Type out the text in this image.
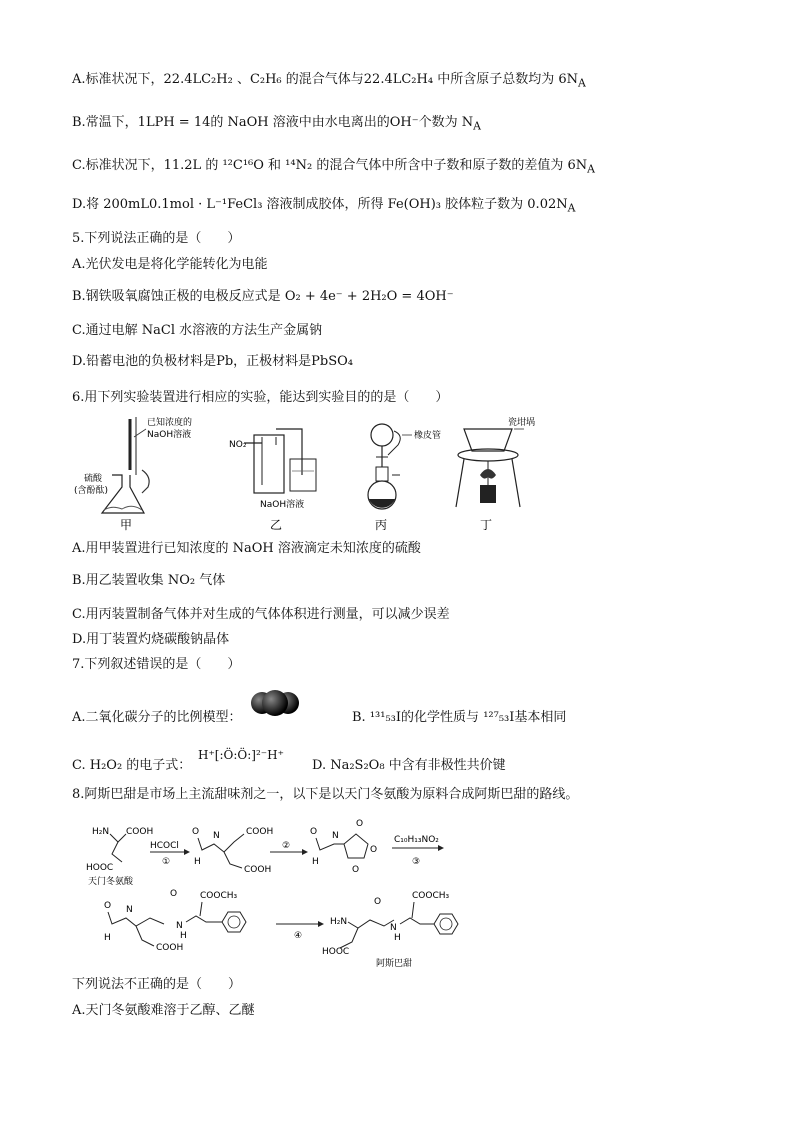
A.标准状况下，22.4LC₂H₂ 、C₂H₆ 的混合气体与22.4LC₂H₄ 中所含原子总数均为 $6N_A$
B.常温下，1LPH = 14的 NaOH 溶液中由水电离出的OH⁻个数为 $N_A$
C.标准状况下，11.2L 的 ¹²C¹⁶O 和 ¹⁴N₂ 的混合气体中所含中子数和原子数的差值为 $6N_A$
D.将 200mL0.1mol · L⁻¹FeCl₃ 溶液制成胶体，所得 Fe(OH)₃ 胶体粒子数为 $0.02N_A$
5.下列说法正确的是（　　）
A.光伏发电是将化学能转化为电能
B.钢铁吸氧腐蚀正极的电极反应式是 O₂ + 4e⁻ + 2H₂O = 4OH⁻
C.通过电解 NaCl 水溶液的方法生产金属钠
D.铅蓄电池的负极材料是Pb，正极材料是PbSO₄
6.用下列实验装置进行相应的实验，能达到实验目的的是（　　）
已知浓度的
NaOH溶液
硫酸
(含酚酞)
甲
NO₂
NaOH溶液
乙
橡皮管
丙
瓷坩埚
丁
A.用甲装置进行已知浓度的 NaOH 溶液滴定未知浓度的硫酸
B.用乙装置收集 NO₂ 气体
C.用丙装置制备气体并对生成的气体体积进行测量，可以减少误差
D.用丁装置灼烧碳酸钠晶体
7.下列叙述错误的是（　　）
A.二氧化碳分子的比例模型：	B. ¹³¹₅₃I的化学性质与 ¹²⁷₅₃I基本相同
C. H₂O₂ 的电子式：
H⁺[:Ö:Ö:]²⁻H⁺
D. Na₂S₂O₈ 中含有非极性共价键
8.阿斯巴甜是市场上主流甜味剂之一，以下是以天门冬氨酸为原料合成阿斯巴甜的路线。
H₂N COOH
HOOC
天门冬氨酸
HCOCl
①	H
O N	COOH
COOH
②
H
O N
O
O
O
C₁₀H₁₃NO₂
③
O
H
N
O
N
H
COOH
COOCH₃
④
H₂N
O
N
H
HOOC
阿斯巴甜
COOCH₃
下列说法不正确的是（　　）
A.天门冬氨酸难溶于乙醇、乙醚
